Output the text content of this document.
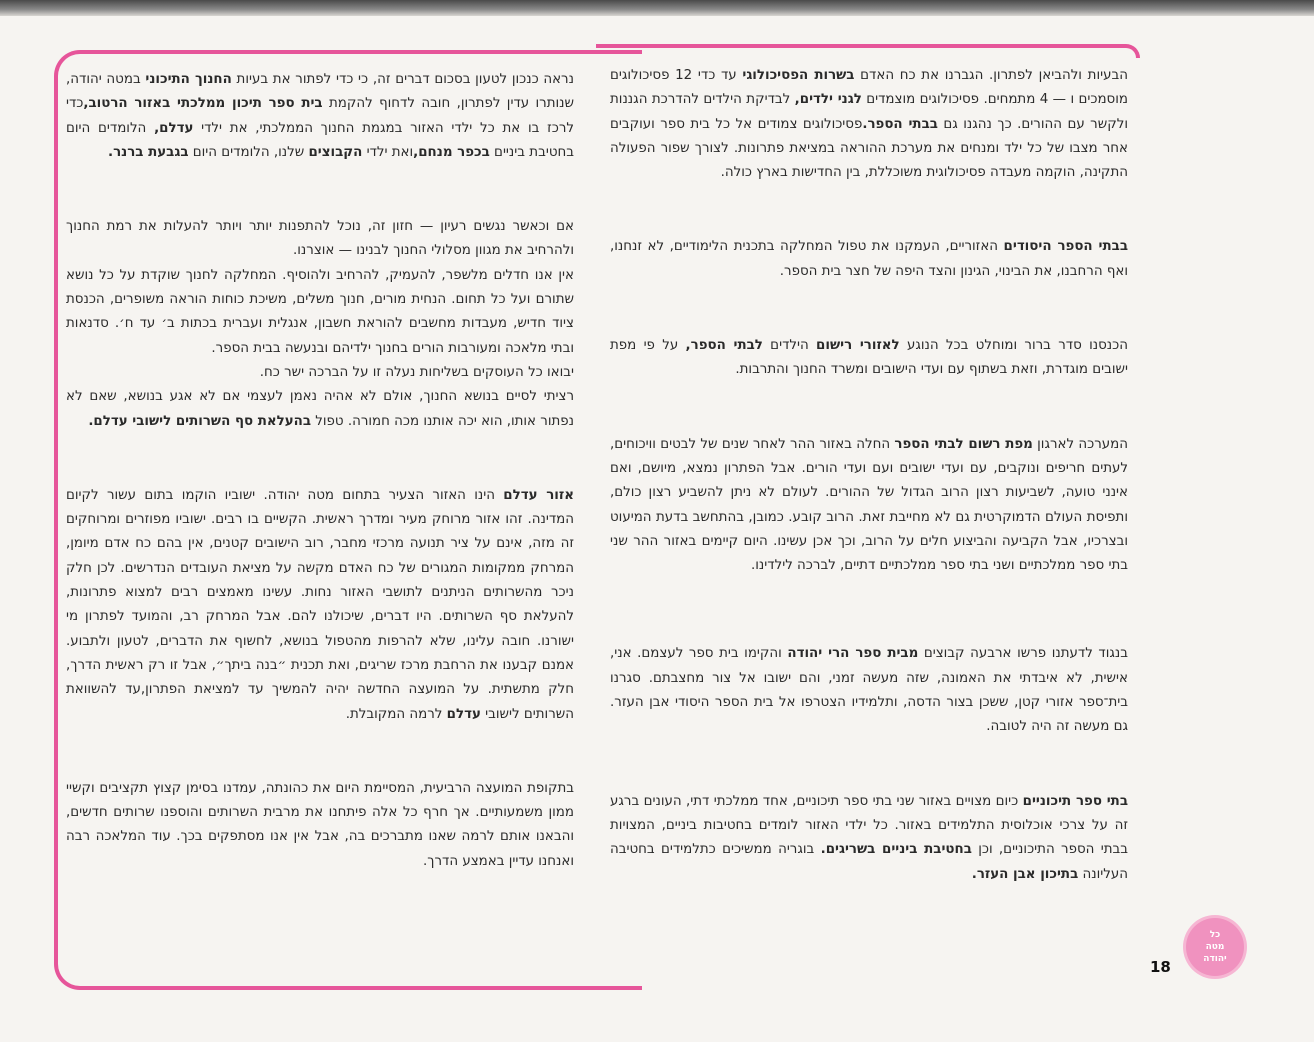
הבעיות ולהביאן לפתרון. הגברנו את כח האדם בשרות הפסיכולוגי עד כדי 12 פסיכולוגים מוסמכים ו — 4 מתמחים. פסיכולוגים מוצמדים לגני ילדים, לבדיקת הילדים להדרכת הגננות ולקשר עם ההורים. כך נהגנו גם בבתי הספר.פסיכולוגים צמודים אל כל בית ספר ועוקבים אחר מצבו של כל ילד ומנחים את מערכת ההוראה במציאת פתרונות. לצורך שפור הפעולה התקינה, הוקמה מעבדה פסיכולוגית משוכללת, בין החדישות בארץ כולה.

בבתי הספר היסודים האזוריים, העמקנו את טפול המחלקה בתכנית הלימודיים, לא זנחנו, ואף הרחבנו, את הבינוי, הגינון והצד היפה של חצר בית הספר.

הכנסנו סדר ברור ומוחלט בכל הנוגע לאזורי רישום הילדים לבתי הספר, על פי מפת ישובים מוגדרת, וזאת בשתוף עם ועדי הישובים ומשרד החנוך והתרבות.

המערכה לארגון מפת רשום לבתי הספר החלה באזור ההר לאחר שנים של לבטים וויכוחים, לעתים חריפים ונוקבים, עם ועדי ישובים ועם ועדי הורים. אבל הפתרון נמצא, מיושם, ואם אינני טועה, לשביעות רצון הרוב הגדול של ההורים. לעולם לא ניתן להשביע רצון כולם, ותפיסת העולם הדמוקרטית גם לא מחייבת זאת. הרוב קובע. כמובן, בהתחשב בדעת המיעוט ובצרכיו, אבל הקביעה והביצוע חלים על הרוב, וכך אכן עשינו. היום קיימים באזור ההר שני בתי ספר ממלכתיים ושני בתי ספר ממלכתיים דתיים, לברכה לילדינו.

בנגוד לדעתנו פרשו ארבעה קבוצים מבית ספר הרי יהודה והקימו בית ספר לעצמם. אני, אישית, לא איבדתי את האמונה, שזה מעשה זמני, והם ישובו אל צור מחצבתם. סגרנו בית־ספר אזורי קטן, ששכן בצור הדסה, ותלמידיו הצטרפו אל בית הספר היסודי אבן העזר. גם מעשה זה היה לטובה.

בתי ספר תיכוניים כיום מצויים באזור שני בתי ספר תיכוניים, אחד ממלכתי דתי, העונים ברגע זה על צרכי אוכלוסית התלמידים באזור. כל ילדי האזור לומדים בחטיבות ביניים, המצויות בבתי הספר התיכוניים, וכן בחטיבת ביניים בשריגים. בוגריה ממשיכים כתלמידים בחטיבה העליונה בתיכון אבן העזר.

נראה כנכון לטעון בסכום דברים זה, כי כדי לפתור את בעיות החנוך התיכוני במטה יהודה, שנותרו עדין לפתרון, חובה לדחוף להקמת בית ספר תיכון ממלכתי באזור הרטוב,כדי לרכז בו את כל ילדי האזור במגמת החנוך הממלכתי, את ילדי עדלם, הלומדים היום בחטיבת ביניים בכפר מנחם,ואת ילדי הקבוצים שלנו, הלומדים היום בגבעת ברנר.

אם וכאשר נגשים רעיון — חזון זה, נוכל להתפנות יותר ויותר להעלות את רמת החנוך ולהרחיב את מגוון מסלולי החנוך לבנינו — אוצרנו.

אין אנו חדלים מלשפר, להעמיק, להרחיב ולהוסיף. המחלקה לחנוך שוקדת על כל נושא שתורם ועל כל תחום. הנחית מורים, חנוך משלים, משיכת כוחות הוראה משופרים, הכנסת ציוד חדיש, מעבדות מחשבים להוראת חשבון, אנגלית ועברית בכתות ב׳ עד ח׳. סדנאות ובתי מלאכה ומעורבות הורים בחנוך ילדיהם ובנעשה בבית הספר.

יבואו כל העוסקים בשליחות נעלה זו על הברכה ישר כח.

רציתי לסיים בנושא החנוך, אולם לא אהיה נאמן לעצמי אם לא אגע בנושא, שאם לא נפתור אותו, הוא יכה אותנו מכה חמורה. טפול בהעלאת סף השרותים לישובי עדלם.

אזור עדלם הינו האזור הצעיר בתחום מטה יהודה. ישוביו הוקמו בתום עשור לקיום המדינה. זהו אזור מרוחק מעיר ומדרך ראשית. הקשיים בו רבים. ישוביו מפוזרים ומרוחקים זה מזה, אינם על ציר תנועה מרכזי מחבר, רוב הישובים קטנים, אין בהם כח אדם מיומן, המרחק ממקומות המגורים של כח האדם מקשה על מציאת העובדים הנדרשים. לכן חלק ניכר מהשרותים הניתנים לתושבי האזור נחות. עשינו מאמצים רבים למצוא פתרונות, להעלאת סף השרותים. היו דברים, שיכולנו להם. אבל המרחק רב, והמועד לפתרון מי ישורנו. חובה עלינו, שלא להרפות מהטפול בנושא, לחשוף את הדברים, לטעון ולתבוע. אמנם קבענו את הרחבת מרכז שריגים, ואת תכנית ״בנה ביתך״, אבל זו רק ראשית הדרך, חלק מתשתית. על המועצה החדשה יהיה להמשיך עד למציאת הפתרון,עד להשוואת השרותים לישובי עדלם לרמה המקובלת.

בתקופת המועצה הרביעית, המסיימת היום את כהונתה, עמדנו בסימן קצוץ תקציבים וקשיי ממון משמעותיים. אך חרף כל אלה פיתחנו את מרבית השרותים והוספנו שרותים חדשים, והבאנו אותם לרמה שאנו מתברכים בה, אבל אין אנו מסתפקים בכך. עוד המלאכה רבה ואנחנו עדיין באמצע הדרך.

כל
מטה
יהודה
18
